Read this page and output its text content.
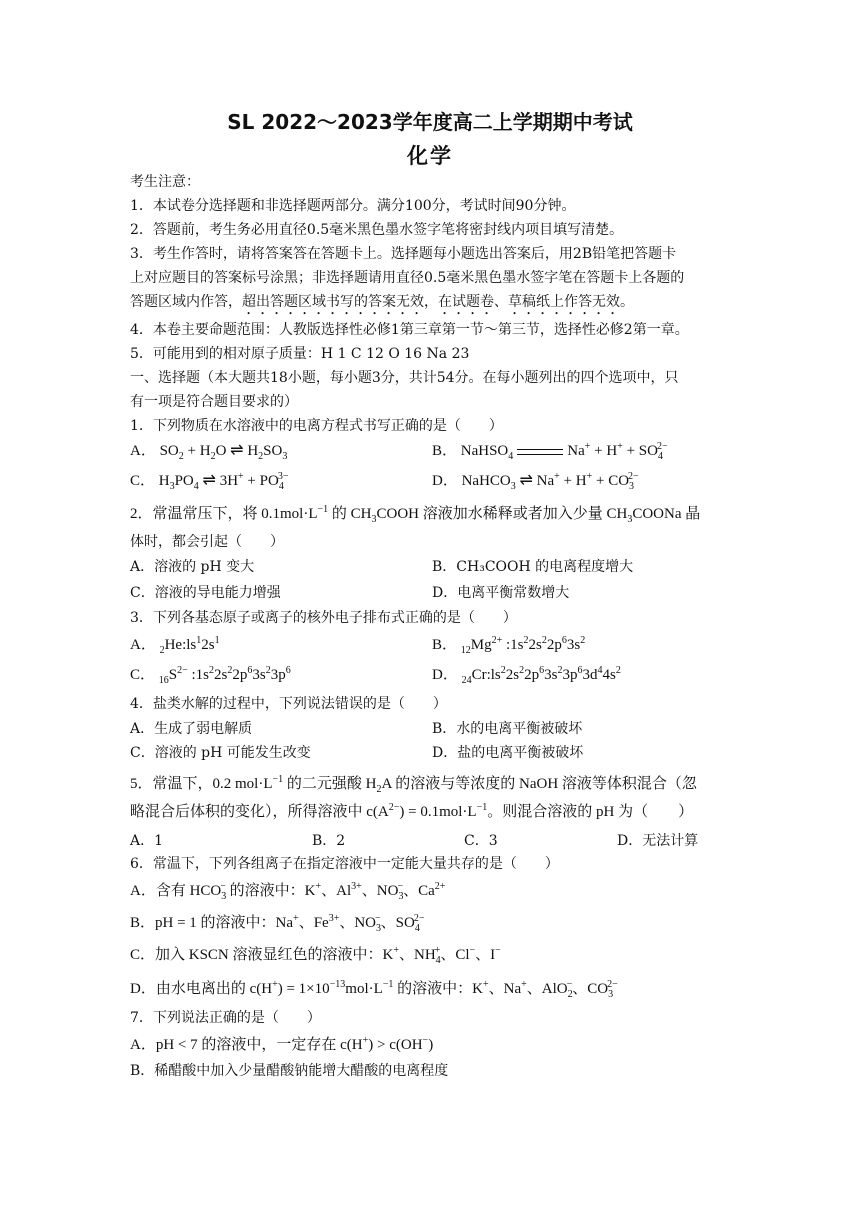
SL 2022～2023学年度高二上学期期中考试
化学
考生注意：
1．本试卷分选择题和非选择题两部分。满分100分，考试时间90分钟。
2．答题前，考生务必用直径0.5毫米黑色墨水签字笔将密封线内项目填写清楚。
3．考生作答时，请将答案答在答题卡上。选择题每小题选出答案后，用2B铅笔把答题卡
上对应题目的答案标号涂黑；非选择题请用直径0.5毫米黑色墨水签字笔在答题卡上各题的
答题区域内作答，超出答题区域书写的答案无效，在试题卷、草稿纸上作答无效。
4．本卷主要命题范围：人教版选择性必修1第三章第一节～第三节，选择性必修2第一章。
5．可能用到的相对原子质量：H 1 C 12 O 16 Na 23
一、选择题（本大题共18小题，每小题3分，共计54分。在每小题列出的四个选项中，只
有一项是符合题目要求的）
1．下列物质在水溶液中的电离方程式书写正确的是（　　）
A． $SO_2 + H_2O$ ⇌ $H_2SO_3$	B． NaHSO$_4$	$Na^+ + H^+ + SO_4^{2-}$
C． $H_3PO_4$ ⇌ $3H^+ + PO_4^{3-}$	D． NaHCO$_3$ ⇌ $Na^+ + H^+ + CO_3^{2-}$
2．常温常压下，将 $0.1mol\cdot L^{-1}$ 的 $CH_3COOH$ 溶液加水稀释或者加入少量 $CH_3COONa$ 晶
体时，都会引起（　　）
A．溶液的 pH 变大	B．CH₃COOH 的电离程度增大
C．溶液的导电能力增强	D．电离平衡常数增大
3．下列各基态原子或离子的核外电子排布式正确的是（　　）
A． $_2He:ls^12s^1$	B． $_{12}Mg^{2+}$ $:1s^22s^22p^63s^2$
C． $_{16}S^{2-}$ $:1s^22s^22p^63s^23p^6$	D． $_{24}Cr:ls^22s^22p^63s^23p^63d^44s^2$
4．盐类水解的过程中，下列说法错误的是（　　）
A．生成了弱电解质	B．水的电离平衡被破坏
C．溶液的 pH 可能发生改变	D．盐的电离平衡被破坏
5．常温下，0.2 $mol\cdot L^{-1}$ 的二元强酸 $H_2A$ 的溶液与等浓度的 NaOH 溶液等体积混合（忽
略混合后体积的变化），所得溶液中 $c(A^{2-}) = 0.1mol\cdot L^{-1}$。则混合溶液的 pH 为（　　）
A．1	B．2	C．3	D．无法计算
6．常温下，下列各组离子在指定溶液中一定能大量共存的是（　　）
A．含有 $HCO_3^-$ 的溶液中：K+、$Al^{3+}$、$NO_3^-$、$Ca^{2+}$
B．pH = 1 的溶液中：Na+、$Fe^{3+}$、$NO_3^-$、$SO_4^{2-}$
C．加入 KSCN 溶液显红色的溶液中：K+、$NH_4^+$、Cl−、I−
D．由水电离出的 $c(H^+) = 1\times 10^{-13}mol\cdot L^{-1}$ 的溶液中：K+、Na+、AlO$_2$−、$CO_3^{2-}$
7．下列说法正确的是（　　）
A．pH < 7 的溶液中，一定存在 c(H+) > c(OH−)
B．稀醋酸中加入少量醋酸钠能增大醋酸的电离程度
